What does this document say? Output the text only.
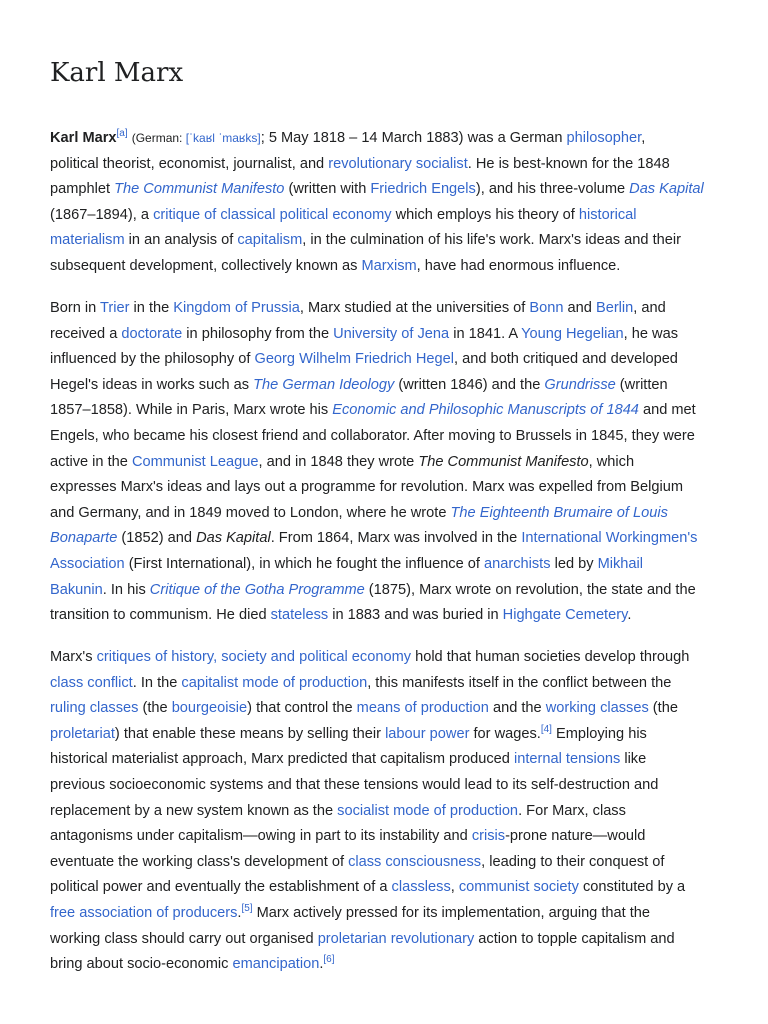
Karl Marx
Karl Marx[a] (German: [ˈkaʁl ˈmaʁks]; 5 May 1818 – 14 March 1883) was a German philosopher,
political theorist, economist, journalist, and revolutionary socialist. He is best-known for the 1848
pamphlet The Communist Manifesto (written with Friedrich Engels), and his three-volume Das Kapital
(1867–1894), a critique of classical political economy which employs his theory of historical
materialism in an analysis of capitalism, in the culmination of his life's work. Marx's ideas and their
subsequent development, collectively known as Marxism, have had enormous influence.
Born in Trier in the Kingdom of Prussia, Marx studied at the universities of Bonn and Berlin, and
received a doctorate in philosophy from the University of Jena in 1841. A Young Hegelian, he was
influenced by the philosophy of Georg Wilhelm Friedrich Hegel, and both critiqued and developed
Hegel's ideas in works such as The German Ideology (written 1846) and the Grundrisse (written
1857–1858). While in Paris, Marx wrote his Economic and Philosophic Manuscripts of 1844 and met
Engels, who became his closest friend and collaborator. After moving to Brussels in 1845, they were
active in the Communist League, and in 1848 they wrote The Communist Manifesto, which
expresses Marx's ideas and lays out a programme for revolution. Marx was expelled from Belgium
and Germany, and in 1849 moved to London, where he wrote The Eighteenth Brumaire of Louis
Bonaparte (1852) and Das Kapital. From 1864, Marx was involved in the International Workingmen's
Association (First International), in which he fought the influence of anarchists led by Mikhail
Bakunin. In his Critique of the Gotha Programme (1875), Marx wrote on revolution, the state and the
transition to communism. He died stateless in 1883 and was buried in Highgate Cemetery.
Marx's critiques of history, society and political economy hold that human societies develop through
class conflict. In the capitalist mode of production, this manifests itself in the conflict between the
ruling classes (the bourgeoisie) that control the means of production and the working classes (the
proletariat) that enable these means by selling their labour power for wages.[4] Employing his
historical materialist approach, Marx predicted that capitalism produced internal tensions like
previous socioeconomic systems and that these tensions would lead to its self-destruction and
replacement by a new system known as the socialist mode of production. For Marx, class
antagonisms under capitalism—owing in part to its instability and crisis-prone nature—would
eventuate the working class's development of class consciousness, leading to their conquest of
political power and eventually the establishment of a classless, communist society constituted by a
free association of producers.[5] Marx actively pressed for its implementation, arguing that the
working class should carry out organised proletarian revolutionary action to topple capitalism and
bring about socio-economic emancipation.[6]
